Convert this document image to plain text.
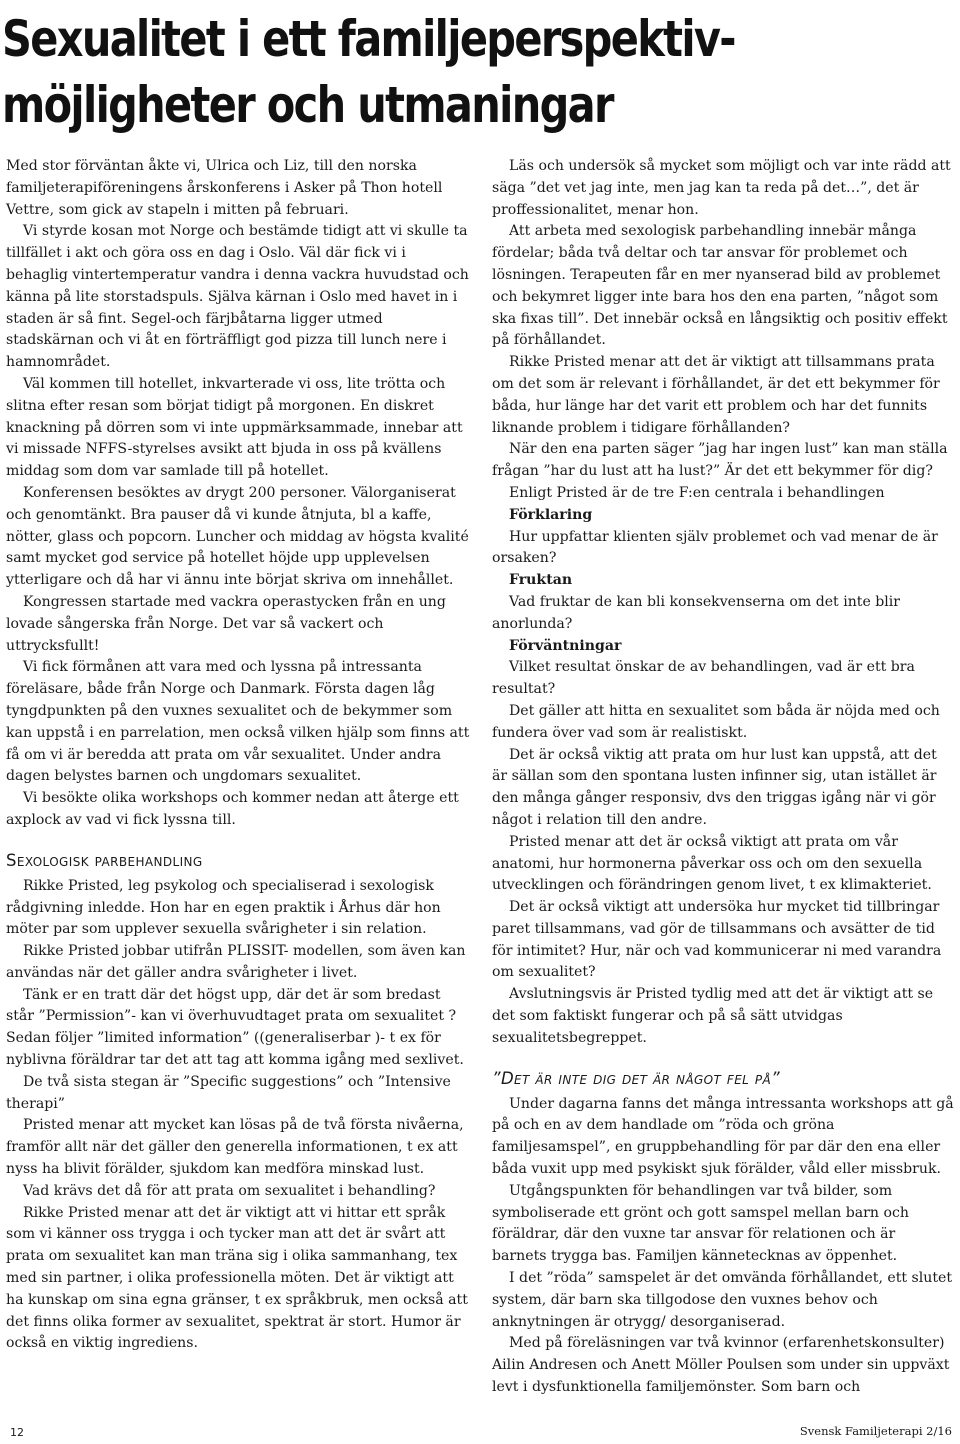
Sexualitet i ett familjeperspektiv-
möjligheter och utmaningar

Med stor förväntan åkte vi, Ulrica och Liz, till den norska familjeterapiföreningens årskonferens i Asker på Thon hotell Vettre, som gick av stapeln i mitten på februari.

Vi styrde kosan mot Norge och bestämde tidigt att vi skulle ta tillfället i akt och göra oss en dag i Oslo. Väl där fick vi i behaglig vintertemperatur vandra i denna vackra huvudstad och känna på lite storstadspuls. Själva kärnan i Oslo med havet in i staden är så fint. Segel-och färjbåtarna ligger utmed stadskärnan och vi åt en förträffligt god pizza till lunch nere i hamnområdet.

Väl kommen till hotellet, inkvarterade vi oss, lite trötta och slitna efter resan som börjat tidigt på morgonen. En diskret knackning på dörren som vi inte uppmärksammade, innebar att vi missade NFFS-styrelses avsikt att bjuda in oss på kvällens middag som dom var samlade till på hotellet.

Konferensen besöktes av drygt 200 personer. Välorganiserat och genomtänkt. Bra pauser då vi kunde åtnjuta, bl a kaffe, nötter, glass och popcorn. Luncher och middag av högsta kvalité samt mycket god service på hotellet höjde upp upplevelsen ytterligare och då har vi ännu inte börjat skriva om innehållet.

Kongressen startade med vackra operastycken från en ung lovade sångerska från Norge. Det var så vackert och uttrycksfullt!

Vi fick förmånen att vara med och lyssna på intressanta föreläsare, både från Norge och Danmark. Första dagen låg tyngdpunkten på den vuxnes sexualitet och de bekymmer som kan uppstå i en parrelation, men också vilken hjälp som finns att få om vi är beredda att prata om vår sexualitet. Under andra dagen belystes barnen och ungdomars sexualitet.

Vi besökte olika workshops och kommer nedan att återge ett axplock av vad vi fick lyssna till.

Sexologisk parbehandling

Rikke Pristed, leg psykolog och specialiserad i sexologisk rådgivning inledde. Hon har en egen praktik i Århus där hon möter par som upplever sexuella svårigheter i sin relation.

Rikke Pristed jobbar utifrån PLISSIT- modellen, som även kan användas när det gäller andra svårigheter i livet.

Tänk er en tratt där det högst upp, där det är som bredast står ”Permission”- kan vi överhuvudtaget prata om sexualitet ? Sedan följer ”limited information” ((generaliserbar )- t ex för nyblivna föräldrar tar det att tag att komma igång med sexlivet.

De två sista stegan är ”Specific suggestions” och ”Intensive therapi”

Pristed menar att mycket kan lösas på de två första nivåerna, framför allt när det gäller den generella informationen, t ex att nyss ha blivit förälder, sjukdom kan medföra minskad lust.

Vad krävs det då för att prata om sexualitet i behandling?

Rikke Pristed menar att det är viktigt att vi hittar ett språk som vi känner oss trygga i och tycker man att det är svårt att prata om sexualitet kan man träna sig i olika sammanhang, tex med sin partner, i olika professionella möten. Det är viktigt att ha kunskap om sina egna gränser, t ex språkbruk, men också att det finns olika former av sexualitet, spektrat är stort. Humor är också en viktig ingrediens.

Läs och undersök så mycket som möjligt och var inte rädd att säga ”det vet jag inte, men jag kan ta reda på det…”, det är proffessionalitet, menar hon.

Att arbeta med sexologisk parbehandling innebär många fördelar; båda två deltar och tar ansvar för problemet och lösningen. Terapeuten får en mer nyanserad bild av problemet och bekymret ligger inte bara hos den ena parten, ”något som ska fixas till”. Det innebär också en långsiktig och positiv effekt på förhållandet.

Rikke Pristed menar att det är viktigt att tillsammans prata om det som är relevant i förhållandet, är det ett bekymmer för båda, hur länge har det varit ett problem och har det funnits liknande problem i tidigare förhållanden?

När den ena parten säger ”jag har ingen lust” kan man ställa frågan ”har du lust att ha lust?” Är det ett bekymmer för dig?

Enligt Pristed är de tre F:en centrala i behandlingen

Förklaring

Hur uppfattar klienten själv problemet och vad menar de är orsaken?

Fruktan

Vad fruktar de kan bli konsekvenserna om det inte blir anorlunda?

Förväntningar

Vilket resultat önskar de av behandlingen, vad är ett bra resultat?

Det gäller att hitta en sexualitet som båda är nöjda med och fundera över vad som är realistiskt.

Det är också viktig att prata om hur lust kan uppstå, att det är sällan som den spontana lusten infinner sig, utan istället är den många gånger responsiv, dvs den triggas igång när vi gör något i relation till den andre.

Pristed menar att det är också viktigt att prata om vår anatomi, hur hormonerna påverkar oss och om den sexuella utvecklingen och förändringen genom livet, t ex klimakteriet.

Det är också viktigt att undersöka hur mycket tid tillbringar paret tillsammans, vad gör de tillsammans och avsätter de tid för intimitet? Hur, när och vad kommunicerar ni med varandra om sexualitet?

Avslutningsvis är Pristed tydlig med att det är viktigt att se det som faktiskt fungerar och på så sätt utvidgas sexualitetsbegreppet.

”Det är inte dig det är något fel på”

Under dagarna fanns det många intressanta workshops att gå på och en av dem handlade om ”röda och gröna familjesamspel”, en gruppbehandling för par där den ena eller båda vuxit upp med psykiskt sjuk förälder, våld eller missbruk.

Utgångspunkten för behandlingen var två bilder, som symboliserade ett grönt och gott samspel mellan barn och föräldrar, där den vuxne tar ansvar för relationen och är barnets trygga bas. Familjen kännetecknas av öppenhet.

I det ”röda” samspelet är det omvända förhållandet, ett slutet system, där barn ska tillgodose den vuxnes behov och anknytningen är otrygg/ desorganiserad.

Med på föreläsningen var två kvinnor (erfarenhetskonsulter) Ailin Andresen och Anett Möller Poulsen som under sin uppväxt levt i dysfunktionella familjemönster. Som barn och

12	Svensk Familjeterapi 2/16
